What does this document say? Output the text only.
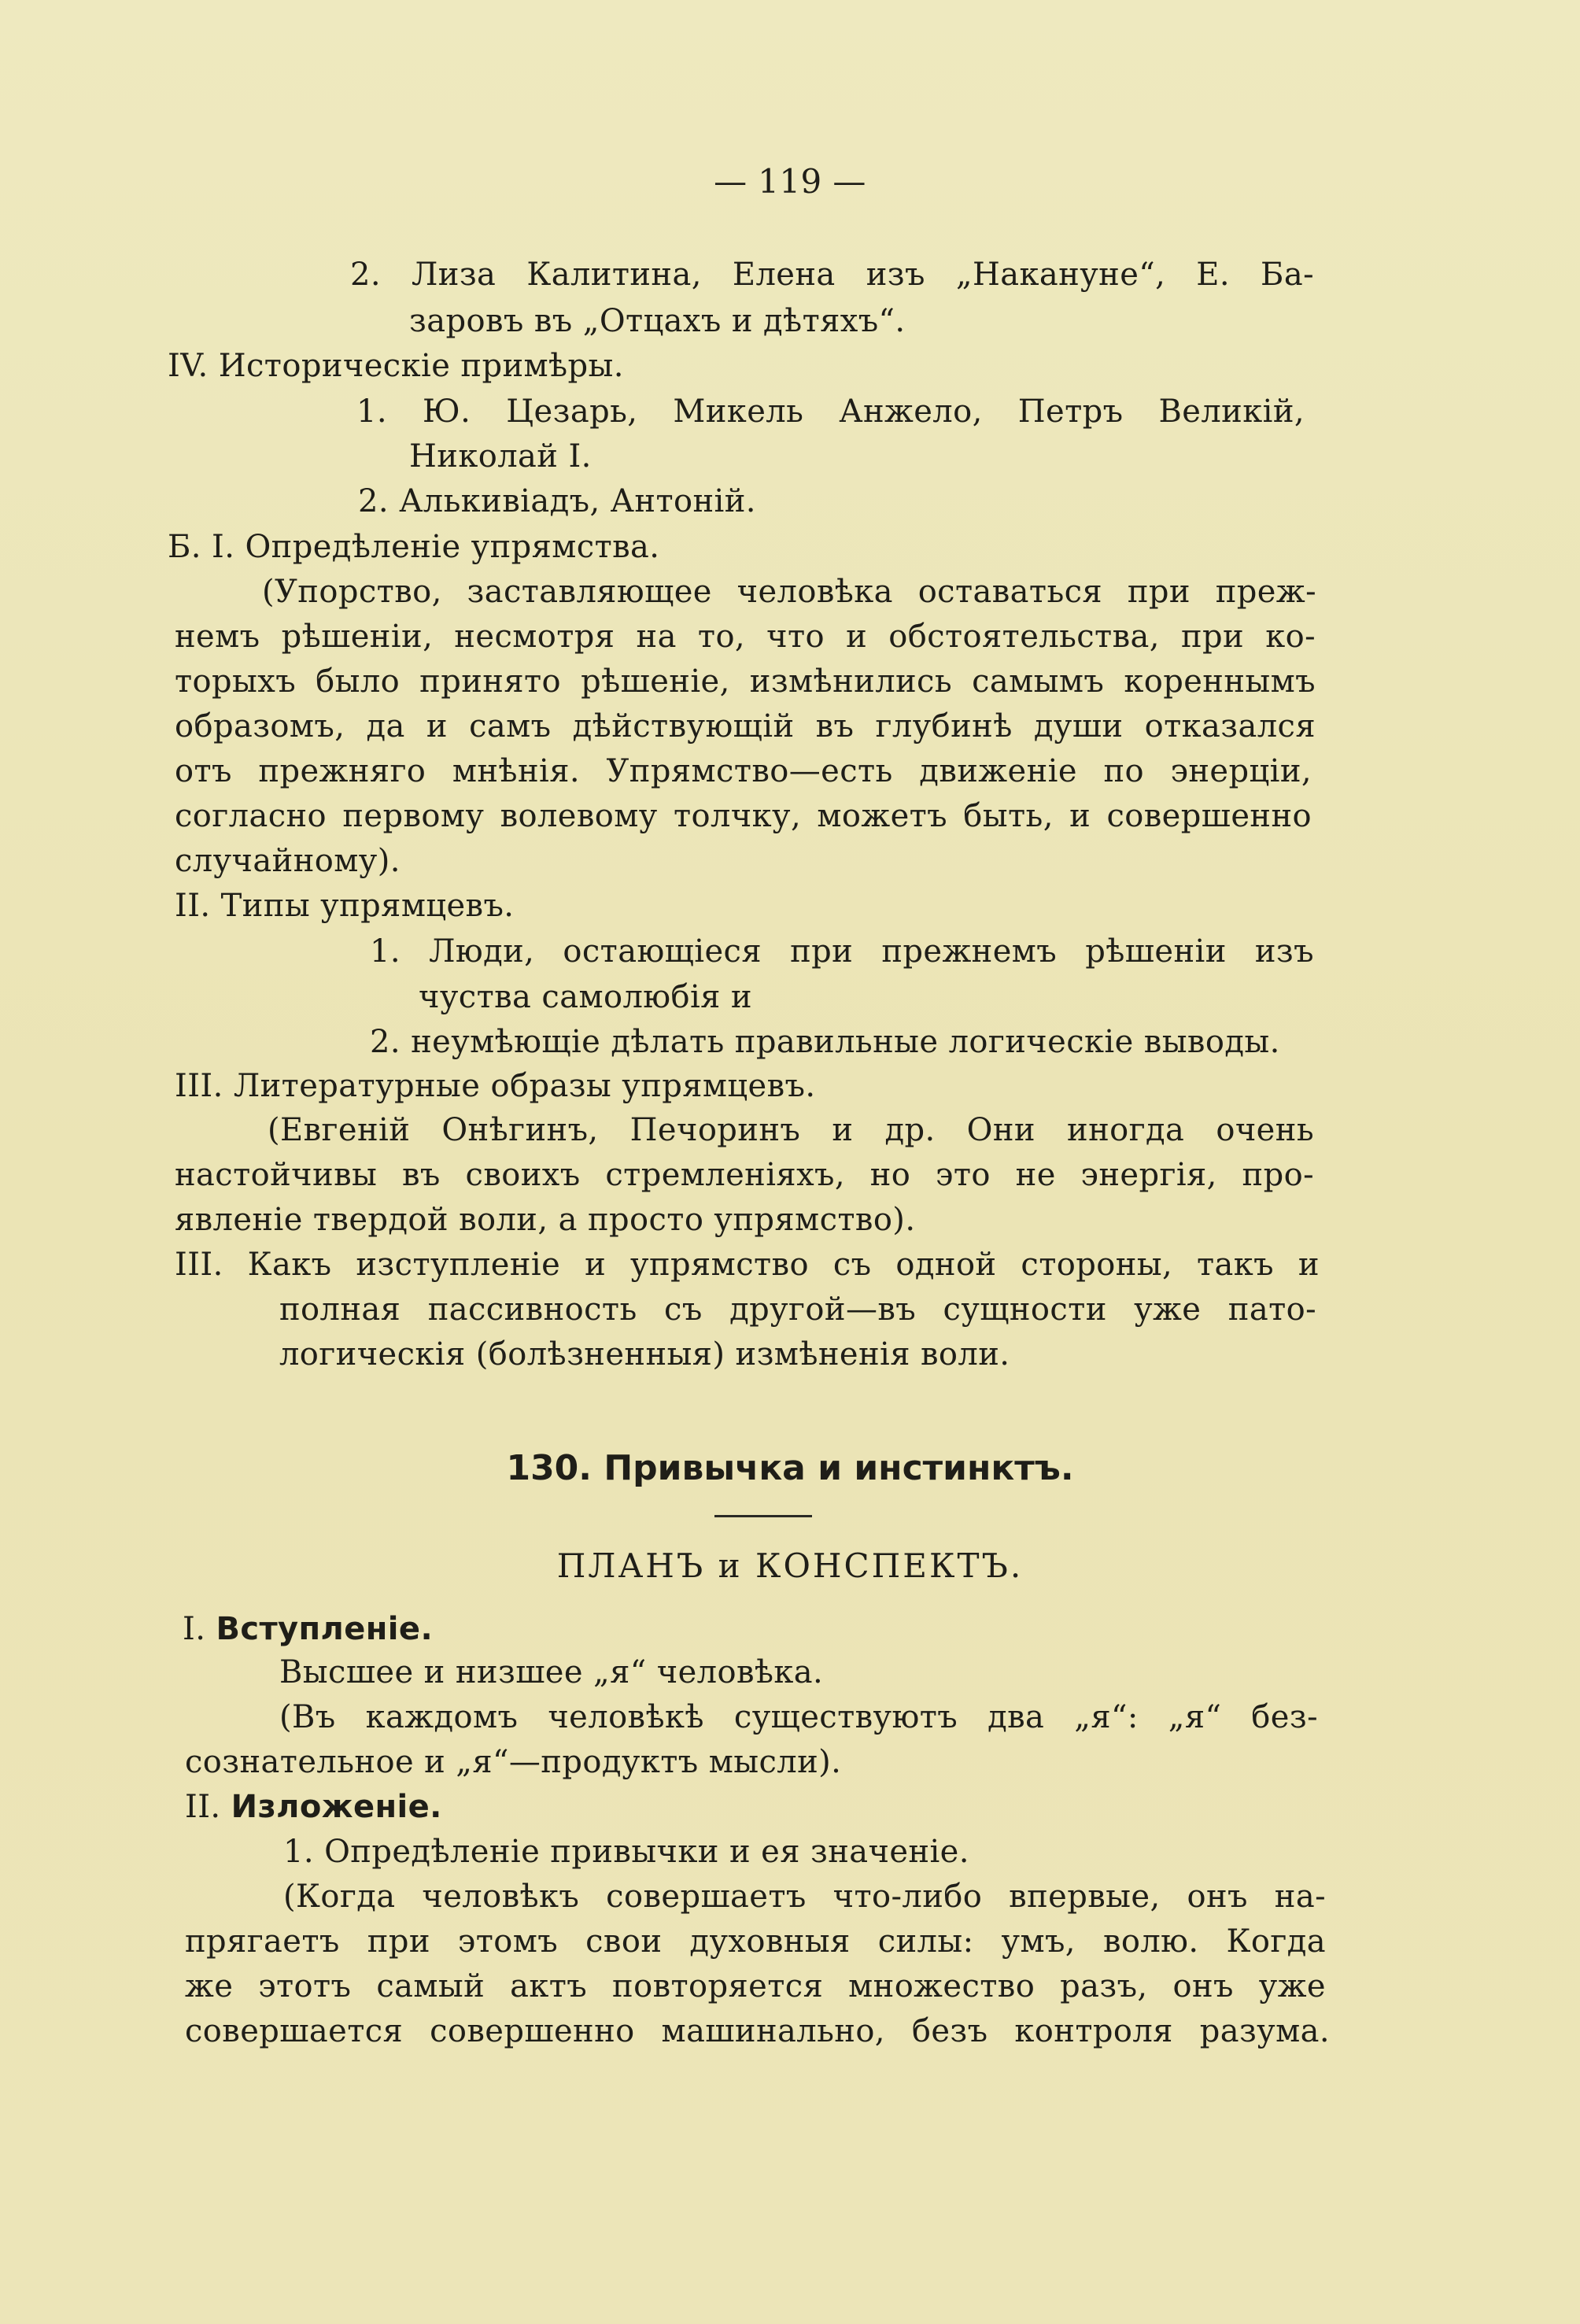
— 119 —
2. Лиза Калитина, Елена изъ „Накануне“, Е. Ба-
заровъ въ „Отцахъ и дѣтяхъ“.
IV. Историческіе примѣры.
1. Ю. Цезарь, Микель Анжело, Петръ Великій,
Николай I.
2. Алькивіадъ, Антоній.
Б. I. Опредѣленіе упрямства.
(Упорство, заставляющее человѣка оставаться при преж-
немъ рѣшеніи, несмотря на то, что и обстоятельства, при ко-
торыхъ было принято рѣшеніе, измѣнились самымъ кореннымъ
образомъ, да и самъ дѣйствующій въ глубинѣ души отказался
отъ прежняго мнѣнія. Упрямство—есть движеніе по энерціи,
согласно первому волевому толчку, можетъ быть, и совершенно
случайному).
II. Типы упрямцевъ.
1. Люди, остающіеся при прежнемъ рѣшеніи изъ
чуства самолюбія и
2. неумѣющіе дѣлать правильные логическіе выводы.
III. Литературные образы упрямцевъ.
(Евгеній Онѣгинъ, Печоринъ и др. Они иногда очень
настойчивы въ своихъ стремленіяхъ, но это не энергія, про-
явленіе твердой воли, а просто упрямство).
III. Какъ изступленіе и упрямство съ одной стороны, такъ и
полная пассивность съ другой—въ сущности уже пато-
логическія (болѣзненныя) измѣненія воли.
130. Привычка и инстинктъ.
ПЛАНЪ и КОНСПЕКТЪ.
I. Вступленіе.
Высшее и низшее „я“ человѣка.
(Въ каждомъ человѣкѣ существуютъ два „я“: „я“ без-
сознательное и „я“—продуктъ мысли).
II. Изложеніе.
1. Опредѣленіе привычки и ея значеніе.
(Когда человѣкъ совершаетъ что-либо впервые, онъ на-
прягаетъ при этомъ свои духовныя силы: умъ, волю. Когда
же этотъ самый актъ повторяется множество разъ, онъ уже
совершается совершенно машинально, безъ контроля разума.
